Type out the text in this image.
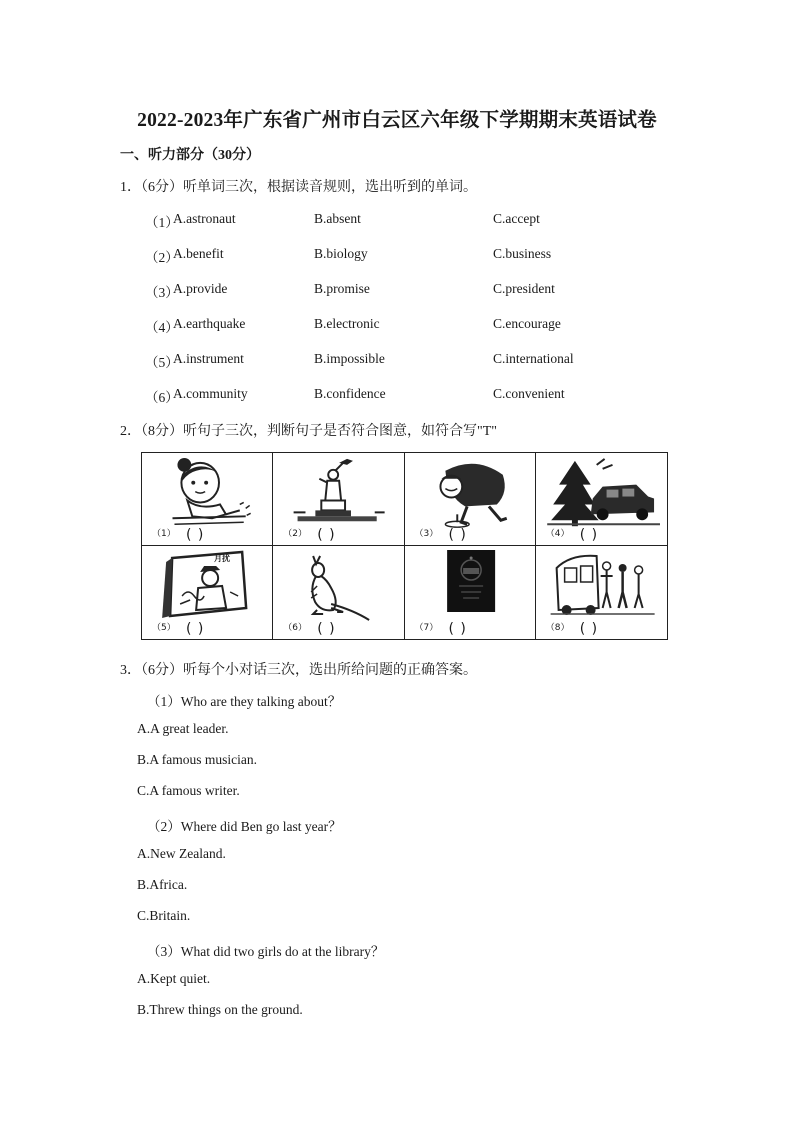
2022-2023年广东省广州市白云区六年级下学期期末英语试卷
一、听力部分（30分）
1．（6分）听单词三次，根据读音规则，选出听到的单词。
（1）
A.astronaut	B.absent	C.accept
（2）
A.benefit	B.biology	C.business
（3）
A.provide	B.promise	C.president
（4）
A.earthquake	B.electronic	C.encourage
（5）
A.instrument	B.impossible	C.international
（6）
A.community	B.confidence	C.convenient
2．（8分）听句子三次，判断句子是否符合图意，如符合写"T"
（1） ( )	（2） ( )	（3） ( )	（4） ( )
月扰
（5） ( )	（6） ( )	（7） ( )	（8） ( )
3．（6分）听每个小对话三次，选出所给问题的正确答案。
（1）Who are they talking about？
A.A great leader.
B.A famous musician.
C.A famous writer.
（2）Where did Ben go last year？
A.New Zealand.
B.Africa.
C.Britain.
（3）What did two girls do at the library？
A.Kept quiet.
B.Threw things on the ground.
